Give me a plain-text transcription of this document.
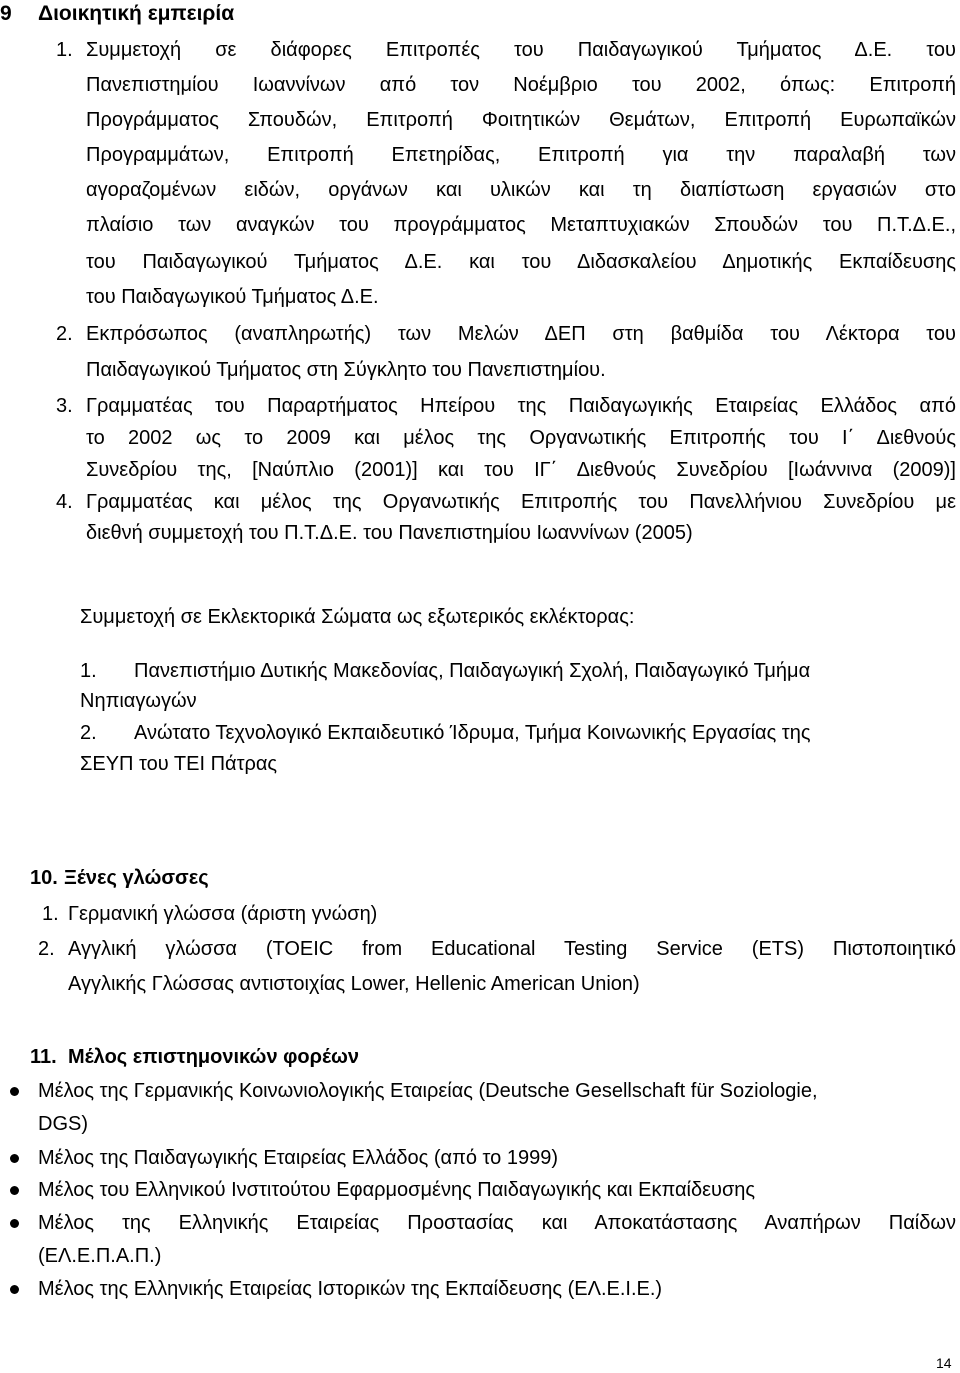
9 Διοικητική εμπειρία
1. Συμμετοχή σε διάφορες Επιτροπές του Παιδαγωγικού Τμήματος Δ.Ε. του
Πανεπιστημίου Ιωαννίνων από τον Νοέμβριο του 2002, όπως: Επιτροπή
Προγράμματος Σπουδών, Επιτροπή Φοιτητικών Θεμάτων, Επιτροπή Ευρωπαϊκών
Προγραμμάτων, Επιτροπή Επετηρίδας, Επιτροπή για την παραλαβή των
αγοραζομένων ειδών, οργάνων και υλικών και τη διαπίστωση εργασιών στο
πλαίσιο των αναγκών του προγράμματος Μεταπτυχιακών Σπουδών του Π.Τ.Δ.Ε.,
του Παιδαγωγικού Τμήματος Δ.Ε. και του Διδασκαλείου Δημοτικής Εκπαίδευσης
του Παιδαγωγικού Τμήματος Δ.Ε.
2. Εκπρόσωπος (αναπληρωτής) των Μελών ΔΕΠ στη βαθμίδα του Λέκτορα του
Παιδαγωγικού Τμήματος στη Σύγκλητο του Πανεπιστημίου.
3. Γραμματέας του Παραρτήματος Ηπείρου της Παιδαγωγικής Εταιρείας Ελλάδος από
το 2002 ως το 2009 και μέλος της Οργανωτικής Επιτροπής του Ι΄ Διεθνούς
Συνεδρίου της, [Ναύπλιο (2001)] και του ΙΓ΄ Διεθνούς Συνεδρίου [Ιωάννινα (2009)]
4. Γραμματέας και μέλος της Οργανωτικής Επιτροπής του Πανελλήνιου Συνεδρίου με
διεθνή συμμετοχή του Π.Τ.Δ.Ε. του Πανεπιστημίου Ιωαννίνων (2005)
Συμμετοχή σε Εκλεκτορικά Σώματα ως εξωτερικός εκλέκτορας:
1. Πανεπιστήμιο Δυτικής Μακεδονίας, Παιδαγωγική Σχολή, Παιδαγωγικό Τμήμα
Νηπιαγωγών
2. Ανώτατο Τεχνολογικό Εκπαιδευτικό Ίδρυμα, Τμήμα Κοινωνικής Εργασίας της
ΣΕΥΠ του ΤΕΙ Πάτρας
10. Ξένες γλώσσες
1. Γερμανική γλώσσα (άριστη γνώση)
2. Αγγλική γλώσσα (TOEIC from Educational Testing Service (ETS) Πιστοποιητικό
Αγγλικής Γλώσσας αντιστοιχίας Lower, Hellenic American Union)
11. Μέλος επιστημονικών φορέων
Μέλος της Γερμανικής Κοινωνιολογικής Εταιρείας (Deutsche Gesellschaft für Soziologie,
DGS)
Μέλος της Παιδαγωγικής Εταιρείας Ελλάδος (από το 1999)
Μέλος του Ελληνικού Ινστιτούτου Εφαρμοσμένης Παιδαγωγικής και Εκπαίδευσης
Μέλος της Ελληνικής Εταιρείας Προστασίας και Αποκατάστασης Αναπήρων Παίδων
(ΕΛ.Ε.Π.Α.Π.)
Μέλος της Ελληνικής Εταιρείας Ιστορικών της Εκπαίδευσης (ΕΛ.Ε.Ι.Ε.)
14
